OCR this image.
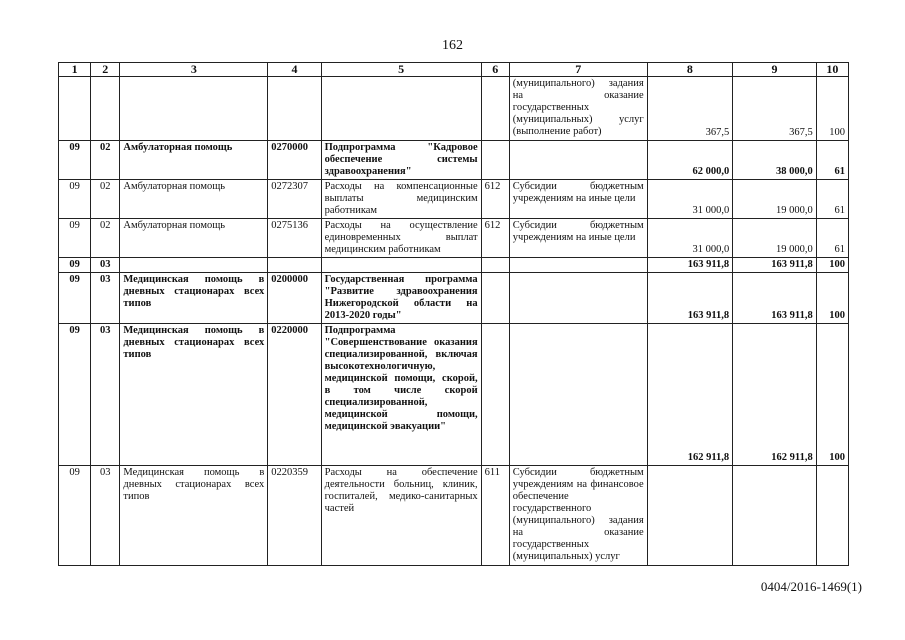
162
1	2	3	4	5	6	7	8	9	10
						(муниципального) задания на оказание государственных (муниципальных) услуг (выполнение работ)	367,5	367,5	100
09	02	Амбулаторная помощь	0270000	Подпрограмма "Кадровое обеспечение системы здравоохранения"			62 000,0	38 000,0	61
09	02	Амбулаторная помощь	0272307	Расходы на компенсационные выплаты медицинским работникам	612	Субсидии бюджетным учреждениям на иные цели	31 000,0	19 000,0	61
09	02	Амбулаторная помощь	0275136	Расходы на осуществление единовременных выплат медицинским работникам	612	Субсидии бюджетным учреждениям на иные цели	31 000,0	19 000,0	61
09	03						163 911,8	163 911,8	100
09	03	Медицинская помощь в дневных стационарах всех типов	0200000	Государственная программа "Развитие здравоохранения Нижегородской области на 2013-2020 годы"			163 911,8	163 911,8	100
09	03	Медицинская помощь в дневных стационарах всех типов	0220000	Подпрограмма "Совершенствование оказания специализированной, включая высокотехнологичную, медицинской помощи, скорой, в том числе скорой специализированной, медицинской помощи, медицинской эвакуации"			162 911,8	162 911,8	100
09	03	Медицинская помощь в дневных стационарах всех типов	0220359	Расходы на обеспечение деятельности больниц, клиник, госпиталей, медико-санитарных частей	611	Субсидии бюджетным учреждениям на финансовое обеспечение государственного (муниципального) задания на оказание государственных (муниципальных) услуг			
0404/2016-1469(1)
